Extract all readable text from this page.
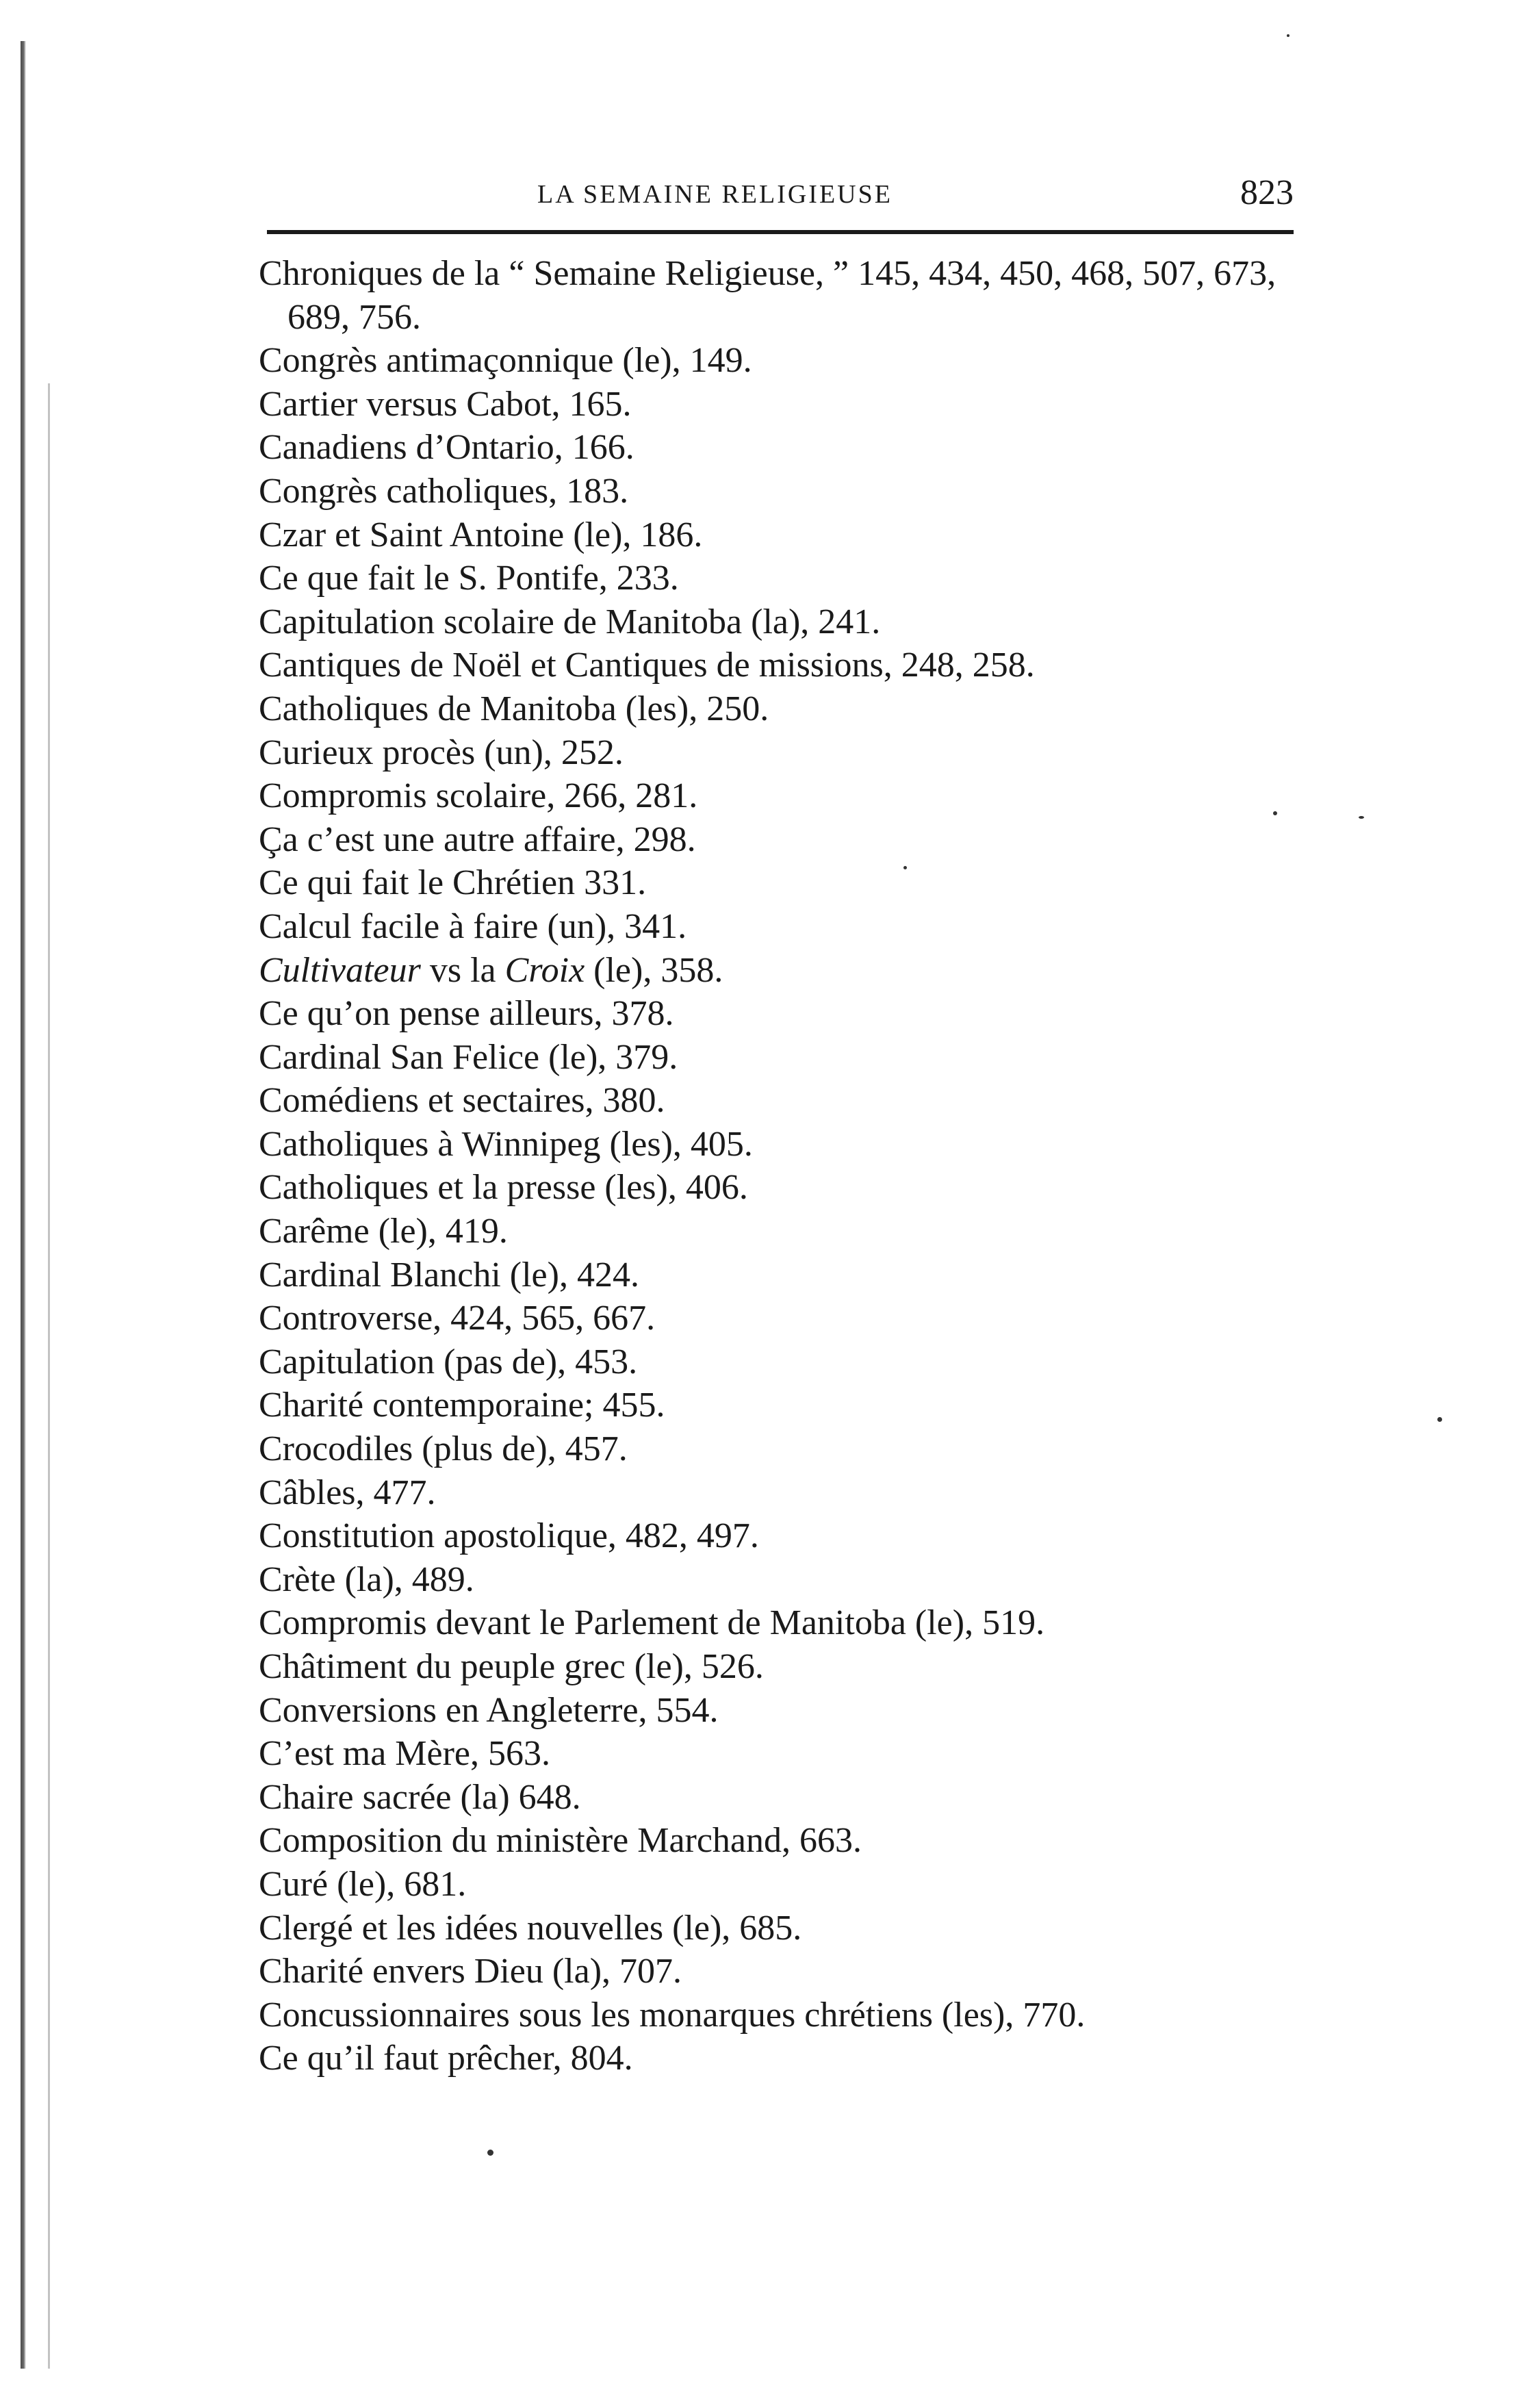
LA SEMAINE RELIGIEUSE	823
Chroniques de la “ Semaine Religieuse, ” 145, 434, 450, 468, 507, 673, 689, 756.
Congrès antimaçonnique (le), 149.
Cartier versus Cabot, 165.
Canadiens d’Ontario, 166.
Congrès catholiques, 183.
Czar et Saint Antoine (le), 186.
Ce que fait le S. Pontife, 233.
Capitulation scolaire de Manitoba (la), 241.
Cantiques de Noël et Cantiques de missions, 248, 258.
Catholiques de Manitoba (les), 250.
Curieux procès (un), 252.
Compromis scolaire, 266, 281.
Ça c’est une autre affaire, 298.
Ce qui fait le Chrétien 331.
Calcul facile à faire (un), 341.
Cultivateur vs la Croix (le), 358.
Ce qu’on pense ailleurs, 378.
Cardinal San Felice (le), 379.
Comédiens et sectaires, 380.
Catholiques à Winnipeg (les), 405.
Catholiques et la presse (les), 406.
Carême (le), 419.
Cardinal Blanchi (le), 424.
Controverse, 424, 565, 667.
Capitulation (pas de), 453.
Charité contemporaine; 455.
Crocodiles (plus de), 457.
Câbles, 477.
Constitution apostolique, 482, 497.
Crète (la), 489.
Compromis devant le Parlement de Manitoba (le), 519.
Châtiment du peuple grec (le), 526.
Conversions en Angleterre, 554.
C’est ma Mère, 563.
Chaire sacrée (la) 648.
Composition du ministère Marchand, 663.
Curé (le), 681.
Clergé et les idées nouvelles (le), 685.
Charité envers Dieu (la), 707.
Concussionnaires sous les monarques chrétiens (les), 770.
Ce qu’il faut prêcher, 804.
